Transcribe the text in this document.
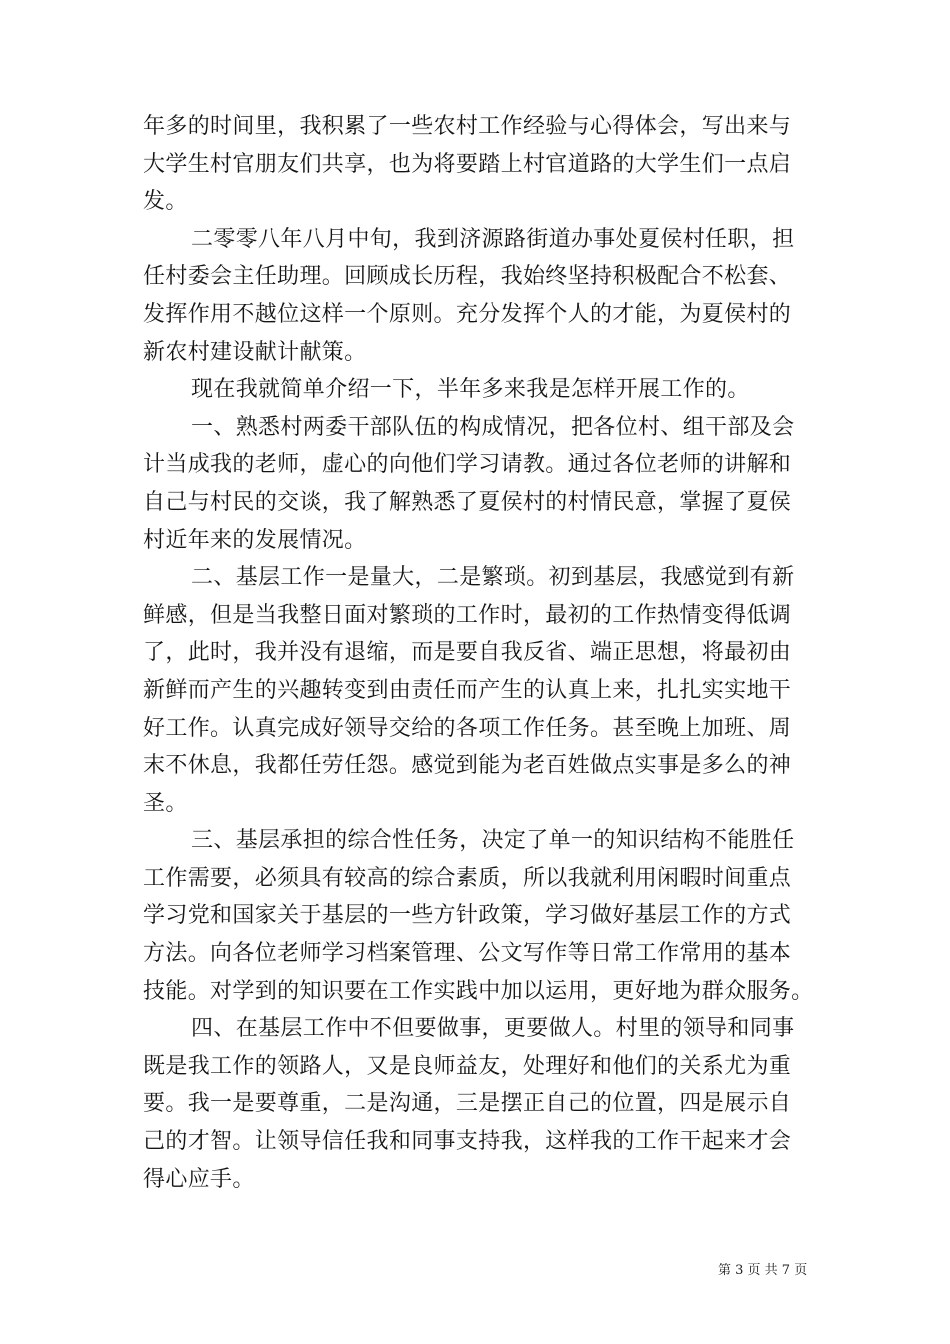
年多的时间里，我积累了一些农村工作经验与心得体会，写出来与
大学生村官朋友们共享，也为将要踏上村官道路的大学生们一点启
发。
二零零八年八月中旬，我到济源路街道办事处夏侯村任职，担
任村委会主任助理。回顾成长历程，我始终坚持积极配合不松套、
发挥作用不越位这样一个原则。充分发挥个人的才能，为夏侯村的
新农村建设献计献策。
现在我就简单介绍一下，半年多来我是怎样开展工作的。
一、熟悉村两委干部队伍的构成情况，把各位村、组干部及会
计当成我的老师，虚心的向他们学习请教。通过各位老师的讲解和
自己与村民的交谈，我了解熟悉了夏侯村的村情民意，掌握了夏侯
村近年来的发展情况。
二、基层工作一是量大，二是繁琐。初到基层，我感觉到有新
鲜感，但是当我整日面对繁琐的工作时，最初的工作热情变得低调
了，此时，我并没有退缩，而是要自我反省、端正思想，将最初由
新鲜而产生的兴趣转变到由责任而产生的认真上来，扎扎实实地干
好工作。认真完成好领导交给的各项工作任务。甚至晚上加班、周
末不休息，我都任劳任怨。感觉到能为老百姓做点实事是多么的神
圣。
三、基层承担的综合性任务，决定了单一的知识结构不能胜任
工作需要，必须具有较高的综合素质，所以我就利用闲暇时间重点
学习党和国家关于基层的一些方针政策，学习做好基层工作的方式
方法。向各位老师学习档案管理、公文写作等日常工作常用的基本
技能。对学到的知识要在工作实践中加以运用，更好地为群众服务。
四、在基层工作中不但要做事，更要做人。村里的领导和同事
既是我工作的领路人，又是良师益友，处理好和他们的关系尤为重
要。我一是要尊重，二是沟通，三是摆正自己的位置，四是展示自
己的才智。让领导信任我和同事支持我，这样我的工作干起来才会
得心应手。
第 3 页 共 7 页
